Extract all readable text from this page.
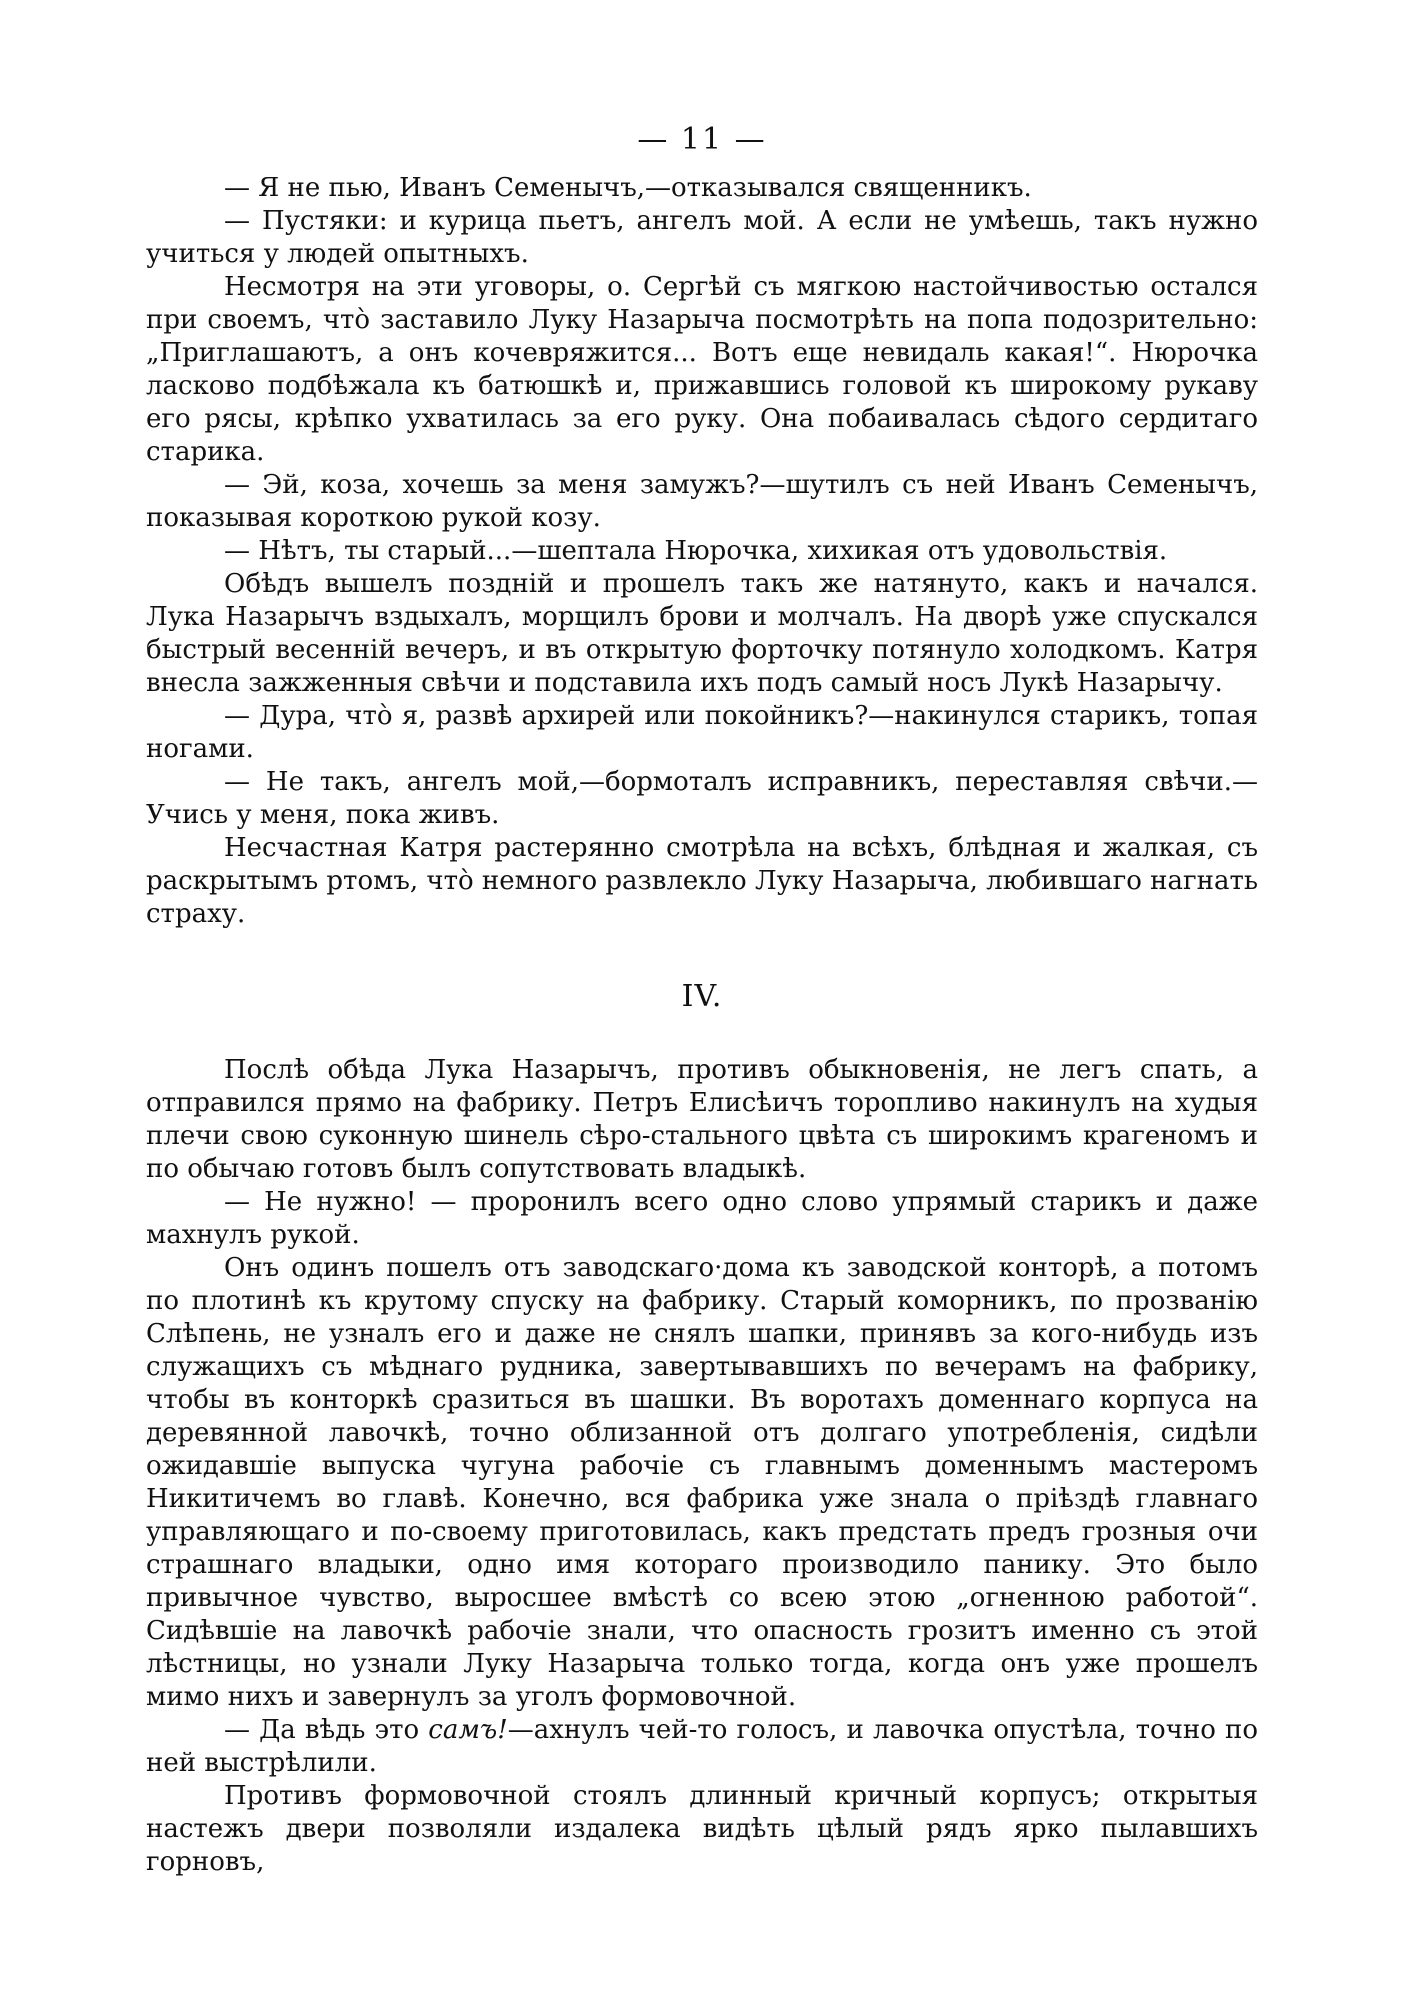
— 11 —

— Я не пью, Иванъ Семенычъ,—отказывался священникъ.

— Пустяки: и курица пьетъ, ангелъ мой. А если не умѣешь, такъ нужно учиться у людей опытныхъ.

Несмотря на эти уговоры, о. Сергѣй съ мягкою настойчивостью остался при своемъ, что̀ заставило Луку Назарыча посмотрѣть на попа подозрительно: „Приглашаютъ, а онъ кочевряжится... Вотъ еще невидаль какая!“. Нюрочка ласково подбѣжала къ батюшкѣ и, прижавшись головой къ широкому рукаву его рясы, крѣпко ухватилась за его руку. Она побаивалась сѣдого сердитаго старика.

— Эй, коза, хочешь за меня замужъ?—шутилъ съ ней Иванъ Семенычъ, показывая короткою рукой козу.

— Нѣтъ, ты старый...—шептала Нюрочка, хихикая отъ удовольствія.

Обѣдъ вышелъ поздній и прошелъ такъ же натянуто, какъ и начался. Лука Назарычъ вздыхалъ, морщилъ брови и молчалъ. На дворѣ уже спускался быстрый весенній вечеръ, и въ открытую форточку потянуло холодкомъ. Катря внесла зажженныя свѣчи и подставила ихъ подъ самый носъ Лукѣ Назарычу.

— Дура, что̀ я, развѣ архирей или покойникъ?—накинулся старикъ, топая ногами.

— Не такъ, ангелъ мой,—бормоталъ исправникъ, переставляя свѣчи.— Учись у меня, пока живъ.

Несчастная Катря растерянно смотрѣла на всѣхъ, блѣдная и жалкая, съ раскрытымъ ртомъ, что̀ немного развлекло Луку Назарыча, любившаго нагнать страху.

IV.

Послѣ обѣда Лука Назарычъ, противъ обыкновенія, не легъ спать, а отправился прямо на фабрику. Петръ Елисѣичъ торопливо накинулъ на худыя плечи свою суконную шинель сѣро-стального цвѣта съ широкимъ крагеномъ и по обычаю готовъ былъ сопутствовать владыкѣ.

— Не нужно! — проронилъ всего одно слово упрямый старикъ и даже махнулъ рукой.

Онъ одинъ пошелъ отъ заводскаго·дома къ заводской конторѣ, а потомъ по плотинѣ къ крутому спуску на фабрику. Старый коморникъ, по прозванію Слѣпень, не узналъ его и даже не снялъ шапки, принявъ за кого-нибудь изъ служащихъ съ мѣднаго рудника, завертывавшихъ по вечерамъ на фабрику, чтобы въ конторкѣ сразиться въ шашки. Въ воротахъ доменнаго корпуса на деревянной лавочкѣ, точно облизанной отъ долгаго употребленія, сидѣли ожидавшіе выпуска чугуна рабочіе съ главнымъ доменнымъ мастеромъ Никитичемъ во главѣ. Конечно, вся фабрика уже знала о пріѣздѣ главнаго управляющаго и по-своему приготовилась, какъ предстать предъ грозныя очи страшнаго владыки, одно имя котораго производило панику. Это было привычное чувство, выросшее вмѣстѣ со всею этою „огненною работой“. Сидѣвшіе на лавочкѣ рабочіе знали, что опасность грозитъ именно съ этой лѣстницы, но узнали Луку Назарыча только тогда, когда онъ уже прошелъ мимо нихъ и завернулъ за уголъ формовочной.

— Да вѣдь это самъ!—ахнулъ чей-то голосъ, и лавочка опустѣла, точно по ней выстрѣлили.

Противъ формовочной стоялъ длинный кричный корпусъ; открытыя настежъ двери позволяли издалека видѣть цѣлый рядъ ярко пылавшихъ горновъ,
